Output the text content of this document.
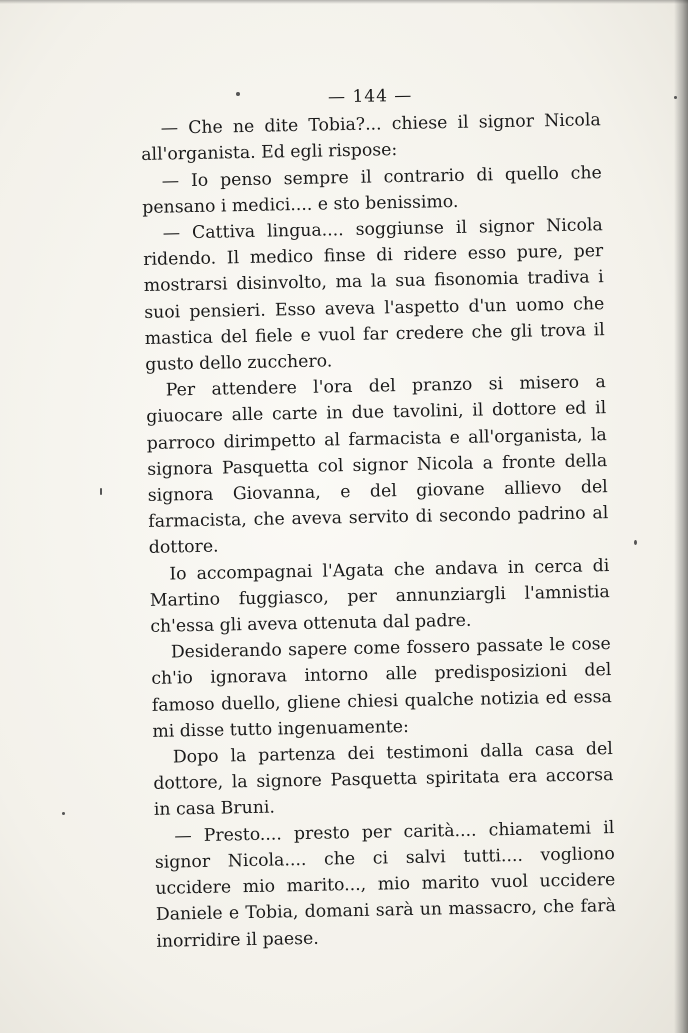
— 144 —

— Che ne dite Tobia?... chiese il signor Nicola all'organista. Ed egli rispose:

— Io penso sempre il contrario di quello che pensano i medici.... e sto benissimo.

— Cattiva lingua.... soggiunse il signor Nicola ridendo. Il medico finse di ridere esso pure, per mostrarsi disinvolto, ma la sua fisonomia tradiva i suoi pensieri. Esso aveva l'aspetto d'un uomo che mastica del fiele e vuol far credere che gli trova il gusto dello zucchero.

Per attendere l'ora del pranzo si misero a giuocare alle carte in due tavolini, il dottore ed il parroco dirimpetto al farmacista e all'organista, la signora Pasquetta col signor Nicola a fronte della signora Giovanna, e del giovane allievo del farmacista, che aveva servito di secondo padrino al dottore.

Io accompagnai l'Agata che andava in cerca di Martino fuggiasco, per annunziargli l'amnistia ch'essa gli aveva ottenuta dal padre.

Desiderando sapere come fossero passate le cose ch'io ignorava intorno alle predisposizioni del famoso duello, gliene chiesi qualche notizia ed essa mi disse tutto ingenuamente:

Dopo la partenza dei testimoni dalla casa del dottore, la signore Pasquetta spiritata era accorsa in casa Bruni.

— Presto.... presto per carità.... chiamatemi il signor Nicola.... che ci salvi tutti.... vogliono uccidere mio marito..., mio marito vuol uccidere Daniele e Tobia, domani sarà un massacro, che farà inorridire il paese.
